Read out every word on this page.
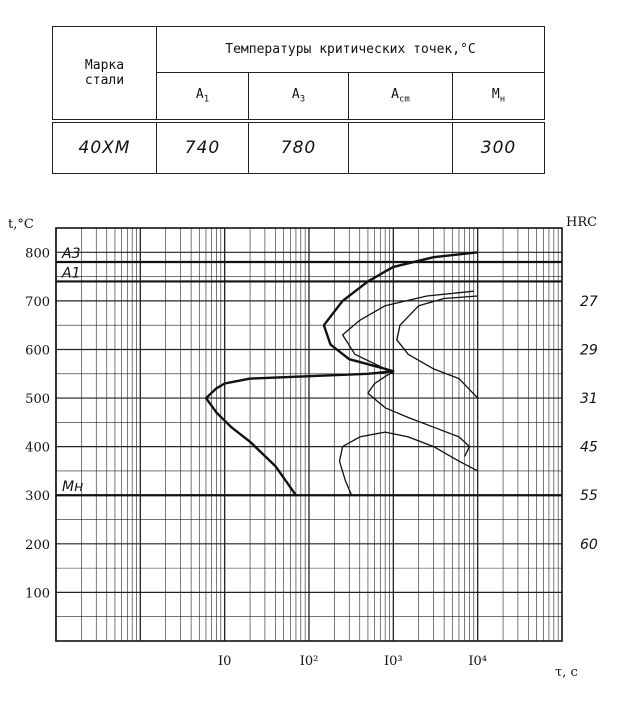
Марка
стали	Температуры критических точек,°С			
	$A_1$	$A_3$	$A_{cm}$	$M_н$
40ХМ	740	780		300
A3
A1
Mн
t,°C	HRC
τ, с
100
200
300
400
500
600
700
800
I0	I0²	I0³	I0⁴
27
29
31
45
55
60
